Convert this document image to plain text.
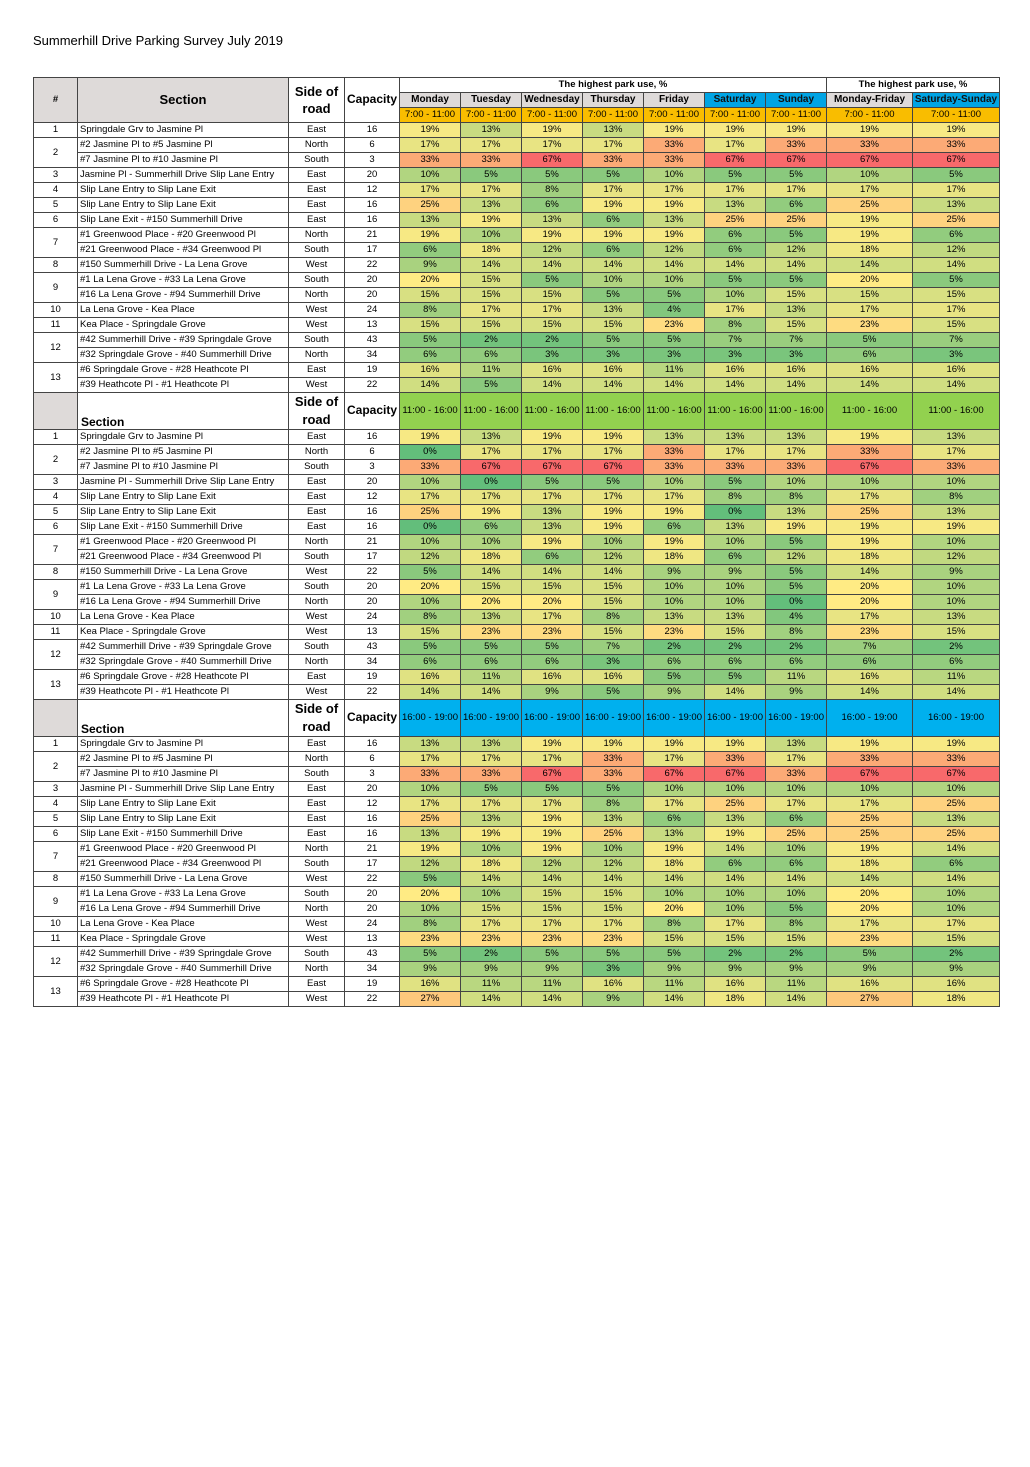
Summerhill Drive Parking Survey July 2019
#	Section	Side of road	Capacity	The highest park use, %							The highest park use, %	
				Monday	Tuesday	Wednesday	Thursday	Friday	Saturday	Sunday	Monday-Friday	Saturday-Sunday
				7:00 - 11:00	7:00 - 11:00	7:00 - 11:00	7:00 - 11:00	7:00 - 11:00	7:00 - 11:00	7:00 - 11:00	7:00 - 11:00	7:00 - 11:00
1	Springdale Grv to Jasmine Pl	East	16	19%	13%	19%	13%	19%	19%	19%	19%	19%
2	#2 Jasmine Pl to #5 Jasmine Pl	North	6	17%	17%	17%	17%	33%	17%	33%	33%	33%
	#7 Jasmine Pl to #10 Jasmine Pl	South	3	33%	33%	67%	33%	33%	67%	67%	67%	67%
3	Jasmine Pl - Summerhill Drive Slip Lane Entry	East	20	10%	5%	5%	5%	10%	5%	5%	10%	5%
4	Slip Lane Entry to Slip Lane Exit	East	12	17%	17%	8%	17%	17%	17%	17%	17%	17%
5	Slip Lane Entry to Slip Lane Exit	East	16	25%	13%	6%	19%	19%	13%	6%	25%	13%
6	Slip Lane Exit - #150 Summerhill Drive	East	16	13%	19%	13%	6%	13%	25%	25%	19%	25%
7	#1 Greenwood Place - #20 Greenwood Pl	North	21	19%	10%	19%	19%	19%	6%	5%	19%	6%
	#21 Greenwood Place - #34 Greenwood Pl	South	17	6%	18%	12%	6%	12%	6%	12%	18%	12%
8	#150 Summerhill Drive - La Lena Grove	West	22	9%	14%	14%	14%	14%	14%	14%	14%	14%
9	#1 La Lena Grove - #33 La Lena Grove	South	20	20%	15%	5%	10%	10%	5%	5%	20%	5%
	#16 La Lena Grove - #94 Summerhill Drive	North	20	15%	15%	15%	5%	5%	10%	15%	15%	15%
10	La Lena Grove - Kea Place	West	24	8%	17%	17%	13%	4%	17%	13%	17%	17%
11	Kea Place - Springdale Grove	West	13	15%	15%	15%	15%	23%	8%	15%	23%	15%
12	#42 Summerhill Drive - #39 Springdale Grove	South	43	5%	2%	2%	5%	5%	7%	7%	5%	7%
	#32 Springdale Grove - #40 Summerhill Drive	North	34	6%	6%	3%	3%	3%	3%	3%	6%	3%
13	#6 Springdale Grove - #28 Heathcote Pl	East	19	16%	11%	16%	16%	11%	16%	16%	16%	16%
	#39 Heathcote Pl - #1 Heathcote Pl	West	22	14%	5%	14%	14%	14%	14%	14%	14%	14%
	Section	Side of road	Capacity	11:00 - 16:00	11:00 - 16:00	11:00 - 16:00	11:00 - 16:00	11:00 - 16:00	11:00 - 16:00	11:00 - 16:00	11:00 - 16:00	11:00 - 16:00

1	Springdale Grv to Jasmine Pl	East	16	19%	13%	19%	19%	13%	13%	13%	19%	13%
2	#2 Jasmine Pl to #5 Jasmine Pl	North	6	0%	17%	17%	17%	33%	17%	17%	33%	17%
	#7 Jasmine Pl to #10 Jasmine Pl	South	3	33%	67%	67%	67%	33%	33%	33%	67%	33%
3	Jasmine Pl - Summerhill Drive Slip Lane Entry	East	20	10%	0%	5%	5%	10%	5%	10%	10%	10%
4	Slip Lane Entry to Slip Lane Exit	East	12	17%	17%	17%	17%	17%	8%	8%	17%	8%
5	Slip Lane Entry to Slip Lane Exit	East	16	25%	19%	13%	19%	19%	0%	13%	25%	13%
6	Slip Lane Exit - #150 Summerhill Drive	East	16	0%	6%	13%	19%	6%	13%	19%	19%	19%
7	#1 Greenwood Place - #20 Greenwood Pl	North	21	10%	10%	19%	10%	19%	10%	5%	19%	10%
	#21 Greenwood Place - #34 Greenwood Pl	South	17	12%	18%	6%	12%	18%	6%	12%	18%	12%
8	#150 Summerhill Drive - La Lena Grove	West	22	5%	14%	14%	14%	9%	9%	5%	14%	9%
9	#1 La Lena Grove - #33 La Lena Grove	South	20	20%	15%	15%	15%	10%	10%	5%	20%	10%
	#16 La Lena Grove - #94 Summerhill Drive	North	20	10%	20%	20%	15%	10%	10%	0%	20%	10%
10	La Lena Grove - Kea Place	West	24	8%	13%	17%	8%	13%	13%	4%	17%	13%
11	Kea Place - Springdale Grove	West	13	15%	23%	23%	15%	23%	15%	8%	23%	15%
12	#42 Summerhill Drive - #39 Springdale Grove	South	43	5%	5%	5%	7%	2%	2%	2%	7%	2%
	#32 Springdale Grove - #40 Summerhill Drive	North	34	6%	6%	6%	3%	6%	6%	6%	6%	6%
13	#6 Springdale Grove - #28 Heathcote Pl	East	19	16%	11%	16%	16%	5%	5%	11%	16%	11%
	#39 Heathcote Pl - #1 Heathcote Pl	West	22	14%	14%	9%	5%	9%	14%	9%	14%	14%
	Section	Side of road	Capacity	16:00 - 19:00	16:00 - 19:00	16:00 - 19:00	16:00 - 19:00	16:00 - 19:00	16:00 - 19:00	16:00 - 19:00	16:00 - 19:00	16:00 - 19:00

1	Springdale Grv to Jasmine Pl	East	16	13%	13%	19%	19%	19%	19%	13%	19%	19%
2	#2 Jasmine Pl to #5 Jasmine Pl	North	6	17%	17%	17%	33%	17%	33%	17%	33%	33%
	#7 Jasmine Pl to #10 Jasmine Pl	South	3	33%	33%	67%	33%	67%	67%	33%	67%	67%
3	Jasmine Pl - Summerhill Drive Slip Lane Entry	East	20	10%	5%	5%	5%	10%	10%	10%	10%	10%
4	Slip Lane Entry to Slip Lane Exit	East	12	17%	17%	17%	8%	17%	25%	17%	17%	25%
5	Slip Lane Entry to Slip Lane Exit	East	16	25%	13%	19%	13%	6%	13%	6%	25%	13%
6	Slip Lane Exit - #150 Summerhill Drive	East	16	13%	19%	19%	25%	13%	19%	25%	25%	25%
7	#1 Greenwood Place - #20 Greenwood Pl	North	21	19%	10%	19%	10%	19%	14%	10%	19%	14%
	#21 Greenwood Place - #34 Greenwood Pl	South	17	12%	18%	12%	12%	18%	6%	6%	18%	6%
8	#150 Summerhill Drive - La Lena Grove	West	22	5%	14%	14%	14%	14%	14%	14%	14%	14%
9	#1 La Lena Grove - #33 La Lena Grove	South	20	20%	10%	15%	15%	10%	10%	10%	20%	10%
	#16 La Lena Grove - #94 Summerhill Drive	North	20	10%	15%	15%	15%	20%	10%	5%	20%	10%
10	La Lena Grove - Kea Place	West	24	8%	17%	17%	17%	8%	17%	8%	17%	17%
11	Kea Place - Springdale Grove	West	13	23%	23%	23%	23%	15%	15%	15%	23%	15%
12	#42 Summerhill Drive - #39 Springdale Grove	South	43	5%	2%	5%	5%	5%	2%	2%	5%	2%
	#32 Springdale Grove - #40 Summerhill Drive	North	34	9%	9%	9%	3%	9%	9%	9%	9%	9%
13	#6 Springdale Grove - #28 Heathcote Pl	East	19	16%	11%	11%	16%	11%	16%	11%	16%	16%
	#39 Heathcote Pl - #1 Heathcote Pl	West	22	27%	14%	14%	9%	14%	18%	14%	27%	18%
